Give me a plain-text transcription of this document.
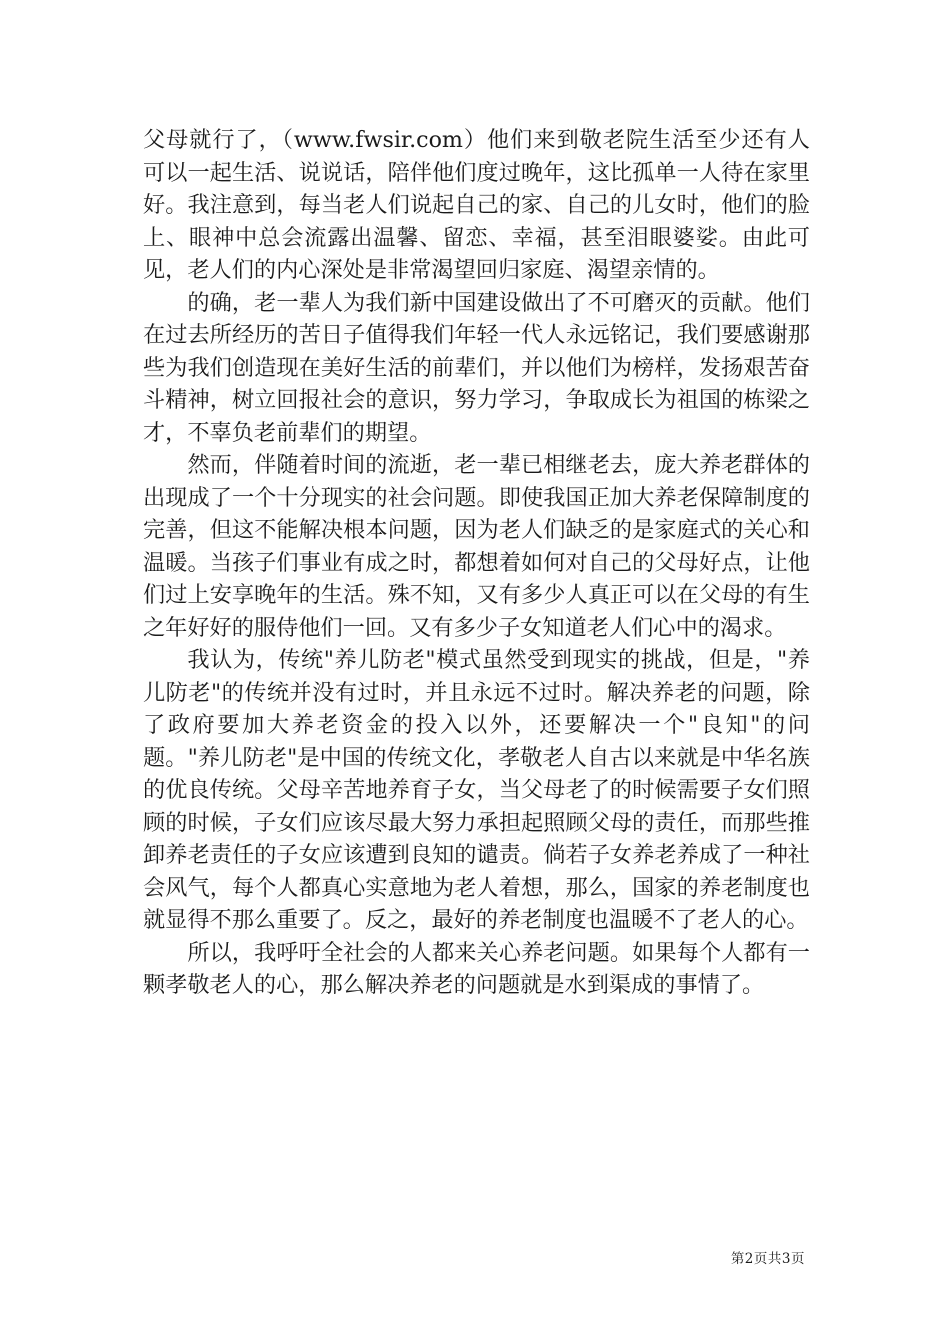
父母就行了，（www.fwsir.com）他们来到敬老院生活至少还有人可以一起生活、说说话，陪伴他们度过晚年，这比孤单一人待在家里好。我注意到，每当老人们说起自己的家、自己的儿女时，他们的脸上、眼神中总会流露出温馨、留恋、幸福，甚至泪眼婆娑。由此可见，老人们的内心深处是非常渴望回归家庭、渴望亲情的。

的确，老一辈人为我们新中国建设做出了不可磨灭的贡献。他们在过去所经历的苦日子值得我们年轻一代人永远铭记，我们要感谢那些为我们创造现在美好生活的前辈们，并以他们为榜样，发扬艰苦奋斗精神，树立回报社会的意识，努力学习，争取成长为祖国的栋梁之才，不辜负老前辈们的期望。

然而，伴随着时间的流逝，老一辈已相继老去，庞大养老群体的出现成了一个十分现实的社会问题。即使我国正加大养老保障制度的完善，但这不能解决根本问题，因为老人们缺乏的是家庭式的关心和温暖。当孩子们事业有成之时，都想着如何对自己的父母好点，让他们过上安享晚年的生活。殊不知，又有多少人真正可以在父母的有生之年好好的服侍他们一回。又有多少子女知道老人们心中的渴求。

我认为，传统"养儿防老"模式虽然受到现实的挑战，但是，"养儿防老"的传统并没有过时，并且永远不过时。解决养老的问题，除了政府要加大养老资金的投入以外，还要解决一个"良知"的问题。"养儿防老"是中国的传统文化，孝敬老人自古以来就是中华名族的优良传统。父母辛苦地养育子女，当父母老了的时候需要子女们照顾的时候，子女们应该尽最大努力承担起照顾父母的责任，而那些推卸养老责任的子女应该遭到良知的谴责。倘若子女养老养成了一种社会风气，每个人都真心实意地为老人着想，那么，国家的养老制度也就显得不那么重要了。反之，最好的养老制度也温暖不了老人的心。

所以，我呼吁全社会的人都来关心养老问题。如果每个人都有一颗孝敬老人的心，那么解决养老的问题就是水到渠成的事情了。

第2页共3页
